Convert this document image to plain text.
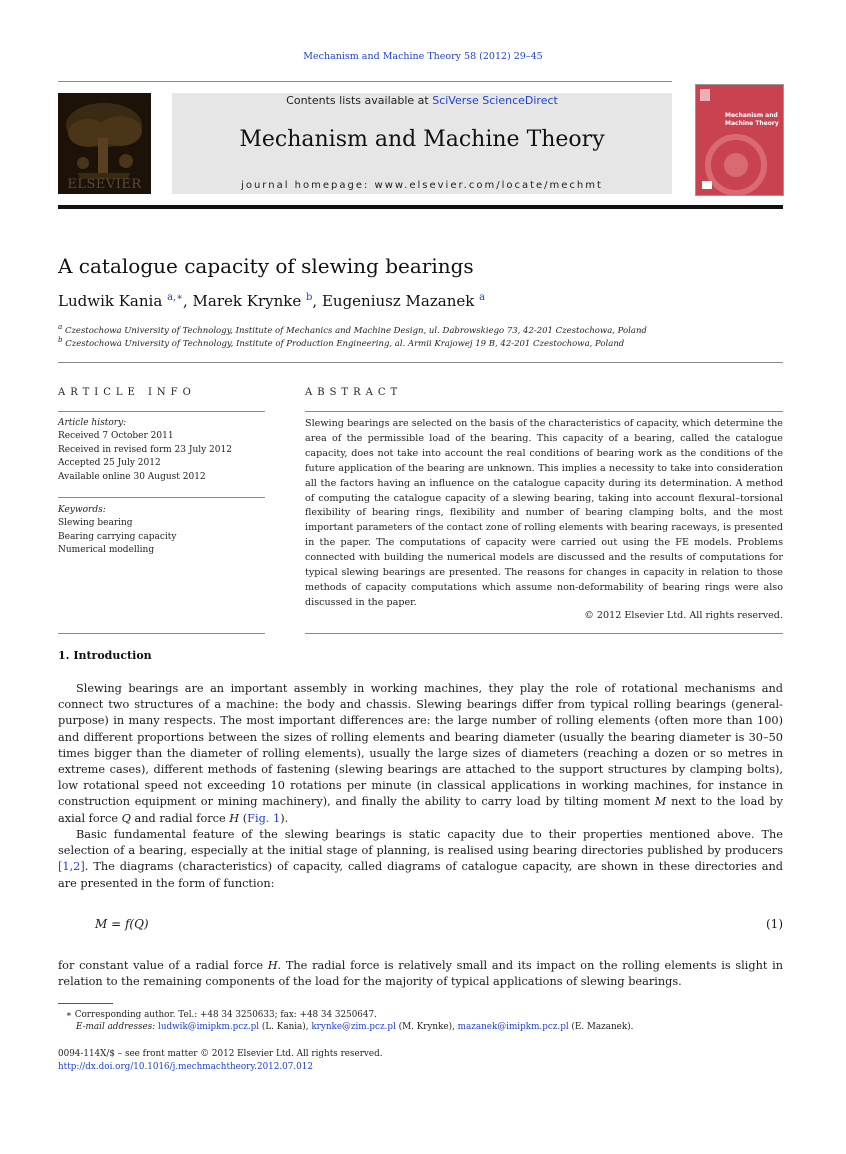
Mechanism and Machine Theory 58 (2012) 29–45
ELSEVIER
Contents lists available at SciVerse ScienceDirect
Mechanism and Machine Theory
journal homepage: www.elsevier.com/locate/mechmt
Mechanism and Machine Theory
A catalogue capacity of slewing bearings
Ludwik Kania $^{a,∗}$, Marek Krynke $^b$, Eugeniusz Mazanek $^a$
$^a$ Czestochowa University of Technology, Institute of Mechanics and Machine Design, ul. Dabrowskiego 73, 42-201 Czestochowa, Poland
$^b$ Czestochowa University of Technology, Institute of Production Engineering, al. Armii Krajowej 19 B, 42-201 Czestochowa, Poland
ARTICLE INFO	ABSTRACT
Article history:
Received 7 October 2011
Received in revised form 23 July 2012
Accepted 25 July 2012
Available online 30 August 2012
Keywords:
Slewing bearing
Bearing carrying capacity
Numerical modelling
Slewing bearings are selected on the basis of the characteristics of capacity, which determine the area of the permissible load of the bearing. This capacity of a bearing, called the catalogue capacity, does not take into account the real conditions of bearing work as the conditions of the future application of the bearing are unknown. This implies a necessity to take into consideration all the factors having an influence on the catalogue capacity during its determination. A method of computing the catalogue capacity of a slewing bearing, taking into account flexural–torsional flexibility of bearing rings, flexibility and number of bearing clamping bolts, and the most important parameters of the contact zone of rolling elements with bearing raceways, is presented in the paper. The computations of capacity were carried out using the FE models. Problems connected with building the numerical models are discussed and the results of computations for typical slewing bearings are presented. The reasons for changes in capacity in relation to those methods of capacity computations which assume non-deformability of bearing rings were also discussed in the paper.
© 2012 Elsevier Ltd. All rights reserved.
1. Introduction
Slewing bearings are an important assembly in working machines, they play the role of rotational mechanisms and connect two structures of a machine: the body and chassis. Slewing bearings differ from typical rolling bearings (general-purpose) in many respects. The most important differences are: the large number of rolling elements (often more than 100) and different proportions between the sizes of rolling elements and bearing diameter (usually the bearing diameter is 30–50 times bigger than the diameter of rolling elements), usually the large sizes of diameters (reaching a dozen or so metres in extreme cases), different methods of fastening (slewing bearings are attached to the support structures by clamping bolts), low rotational speed not exceeding 10 rotations per minute (in classical applications in working machines, for instance in construction equipment or mining machinery), and finally the ability to carry load by tilting moment M next to the load by axial force Q and radial force H (Fig. 1).
Basic fundamental feature of the slewing bearings is static capacity due to their properties mentioned above. The selection of a bearing, especially at the initial stage of planning, is realised using bearing directories published by producers [1,2]. The diagrams (characteristics) of capacity, called diagrams of catalogue capacity, are shown in these directories and are presented in the form of function:
M = f(Q)	(1)
for constant value of a radial force H. The radial force is relatively small and its impact on the rolling elements is slight in relation to the remaining components of the load for the majority of typical applications of slewing bearings.
∗ Corresponding author. Tel.: +48 34 3250633; fax: +48 34 3250647.
E-mail addresses: ludwik@imipkm.pcz.pl (L. Kania), krynke@zim.pcz.pl (M. Krynke), mazanek@imipkm.pcz.pl (E. Mazanek).
0094-114X/$ – see front matter © 2012 Elsevier Ltd. All rights reserved.
http://dx.doi.org/10.1016/j.mechmachtheory.2012.07.012
